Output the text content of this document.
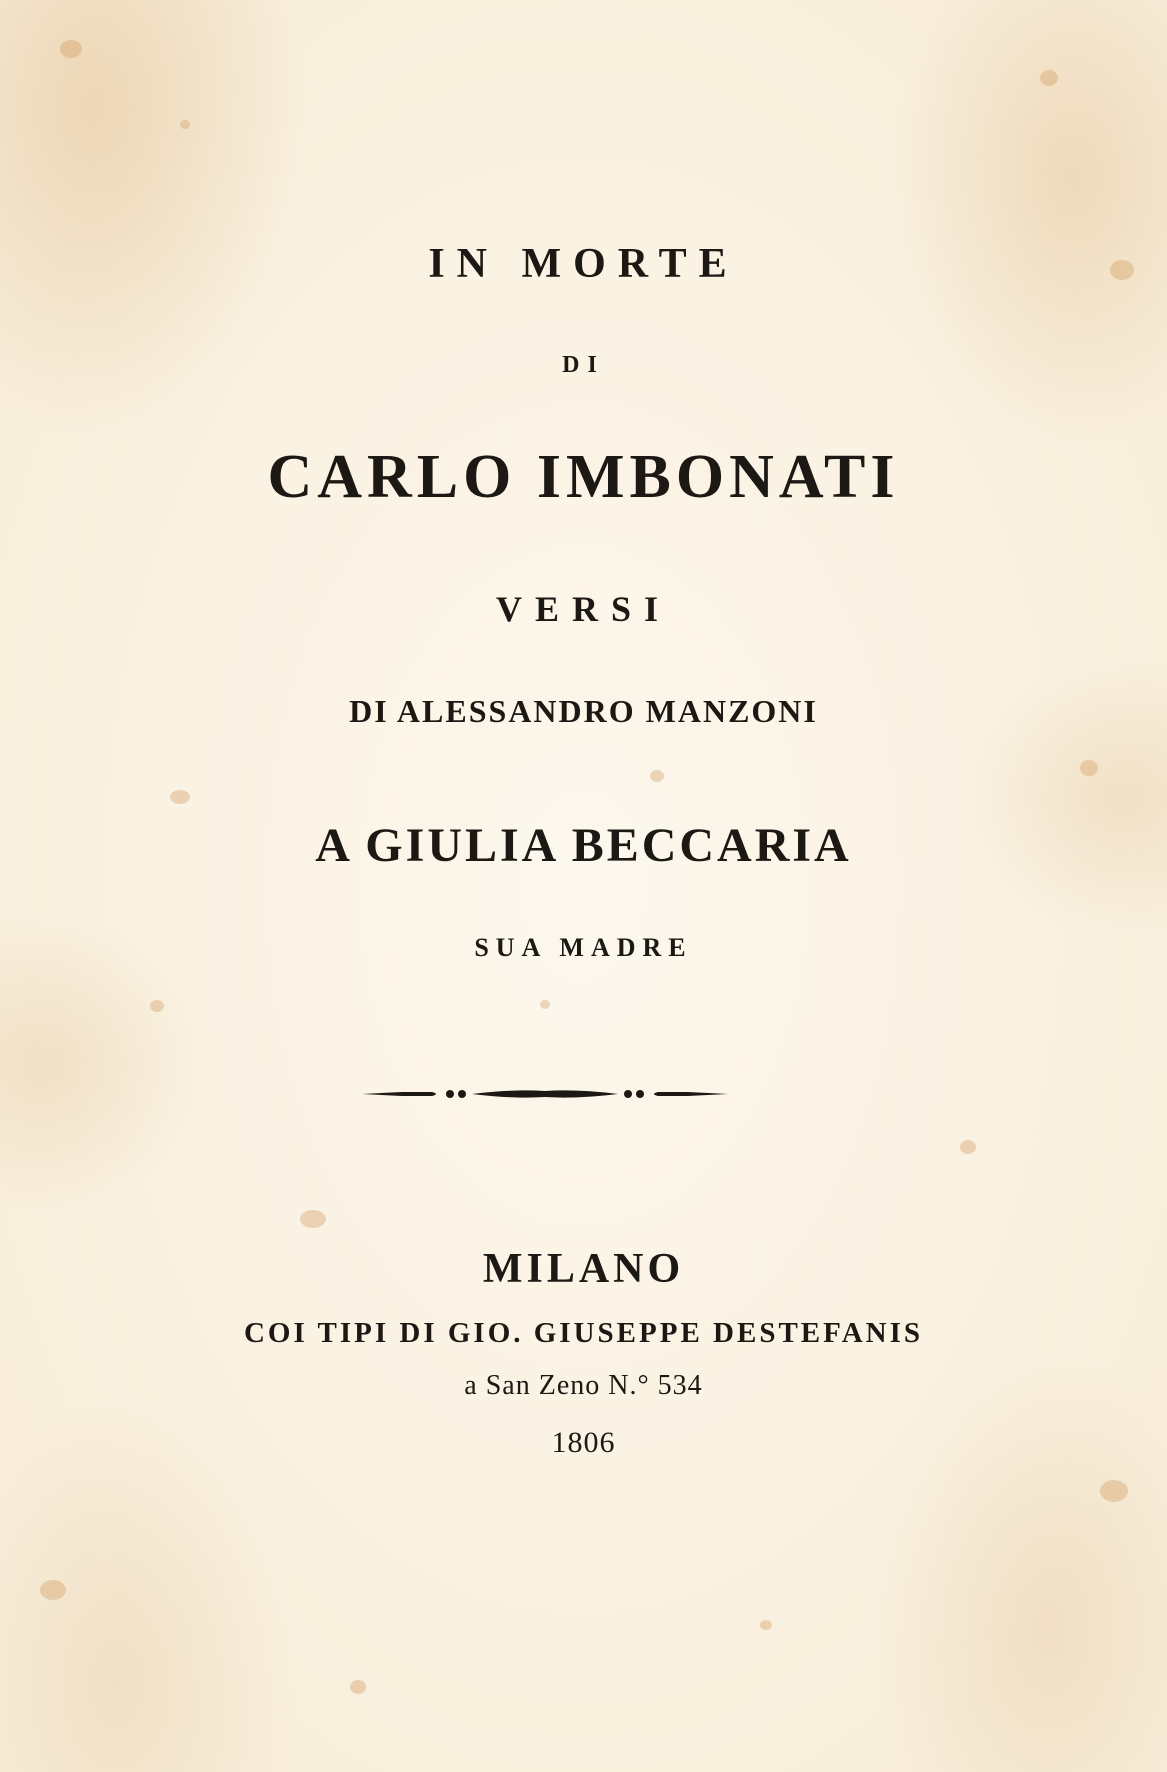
IN MORTE
DI
CARLO IMBONATI
VERSI
DI ALESSANDRO MANZONI
A GIULIA BECCARIA
SUA MADRE
MILANO
COI TIPI DI GIO. GIUSEPPE DESTEFANIS
a San Zeno N.° 534
1806
